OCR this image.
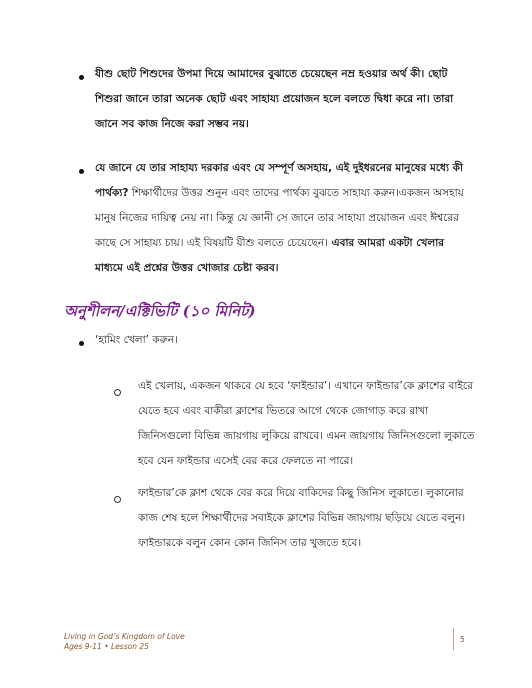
যীশু ছোট শিশুদের উপমা দিয়ে আমাদের বুঝাতে চেয়েছেন নম্র হওয়ার অর্থ কী। ছোট শিশুরা জানে তারা অনেক ছোট এবং সাহায্য প্রয়োজন হলে বলতে দ্বিধা করে না। তারা জানে সব কাজ নিজে করা সম্ভব নয়।
যে জানে যে তার সাহায্য দরকার এবং যে সম্পূর্ণ অসহায়, এই দুইধরনের মানুষের মধ্যে কী পার্থক্য? শিক্ষার্থীদের উত্তর শুনুন এবং তাদের পার্থক্য বুঝতে সাহায্য করুন।একজন অসহায় মানুষ নিজের দায়িত্ব নেয় না। কিন্তু যে জ্ঞানী সে জানে তার সাহায্য প্রয়োজন এবং ঈশ্বরের কাছে সে সাহায্য চায়। এই বিষয়টি যীশু বলতে চেয়েছেন। এবার আমরা একটা খেলার মাধ্যমে এই প্রশ্নের উত্তর খোজার চেষ্টা করব।
অনুশীলন/এক্টিভিটি (১০ মিনিট)
‘হামিং খেলা’ করুন।
এই খেলায়, একজন থাকবে যে হবে ‘ফাইন্ডার’। এখানে ফাইন্ডার’কে ক্লাশের বাইরে যেতে হবে এবং বাকীরা ক্লাশের ভিতরে আগে থেকে জোগাড় করে রাখা জিনিসগুলো বিভিন্ন জায়গায় লুকিয়ে রাখবে। এমন জায়গায় জিনিসগুলো লুকাতে হবে যেন ফাইন্ডার এসেই বের করে ফেলতে না পারে।
ফাইন্ডার’কে ক্লাশ থেকে বের করে দিয়ে বাকিদের কিছু জিনিস লুকাতে। লুকানোর কাজ শেষ হলে শিক্ষার্থীদের সবাইকে ক্লাশের বিভিন্ন জায়গায় ছড়িয়ে যেতে বলুন। ফাইন্ডারকে বলুন কোন কোন জিনিস তার খুজতে হবে।
Living in God’s Kingdom of Love
Ages 9-11 • Lesson 25
5
